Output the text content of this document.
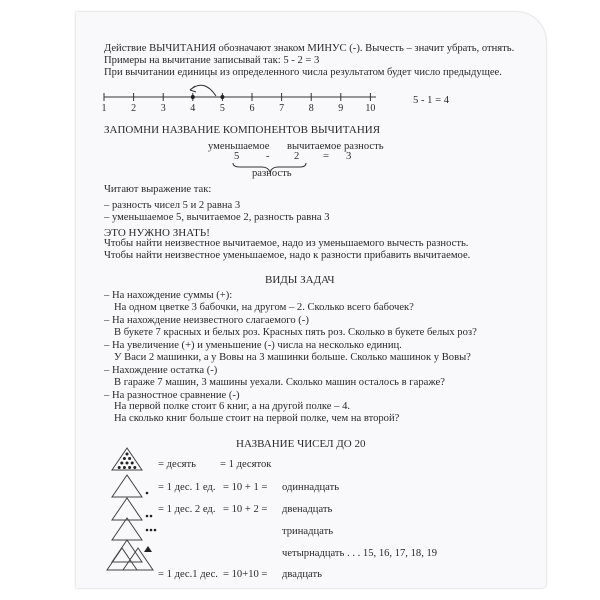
Действие ВЫЧИТАНИЯ обозначают знаком МИНУС (-). Вычесть – значит убрать, отнять.
Примеры на вычитание записывай так: 5 - 2 = 3
При вычитании единицы из определенного числа результатом будет число предыдущее.
1	2	3	4	5	6	7	8	9	10
5 - 1 = 4
ЗАПОМНИ НАЗВАНИЕ КОМПОНЕНТОВ ВЫЧИТАНИЯ
уменьшаемое вычитаемое разность
5	- 2 = 3
разность
Читают выражение так:
– разность чисел 5 и 2 равна 3
– уменьшаемое 5, вычитаемое 2, разность равна 3
ЭТО НУЖНО ЗНАТЬ!
Чтобы найти неизвестное вычитаемое, надо из уменьшаемого вычесть разность.
Чтобы найти неизвестное уменьшаемое, надо к разности прибавить вычитаемое.
ВИДЫ ЗАДАЧ
– На нахождение суммы (+):
На одном цветке 3 бабочки, на другом – 2. Сколько всего бабочек?
– На нахождение неизвестного слагаемого (-)
В букете 7 красных и белых роз. Красных пять роз. Сколько в букете белых роз?
– На увеличение (+) и уменьшение (-) числа на несколько единиц.
У Васи 2 машинки, а у Вовы на 3 машинки больше. Сколько машинок у Вовы?
– Нахождение остатка (-)
В гараже 7 машин, 3 машины уехали. Сколько машин осталось в гараже?
– На разностное сравнение (-)
На первой полке стоит 6 книг, а на другой полке – 4.
На сколько книг больше стоит на первой полке, чем на второй?
НАЗВАНИЕ ЧИСЕЛ ДО 20
= десять = 1 десяток
= 1 дес. 1 ед. = 10 + 1 = одиннадцать
= 1 дес. 2 ед. = 10 + 2 = двенадцать
тринадцать
четырнадцать . . . 15, 16, 17, 18, 19
= 1 дес.1 дес. = 10+10 = двадцать
